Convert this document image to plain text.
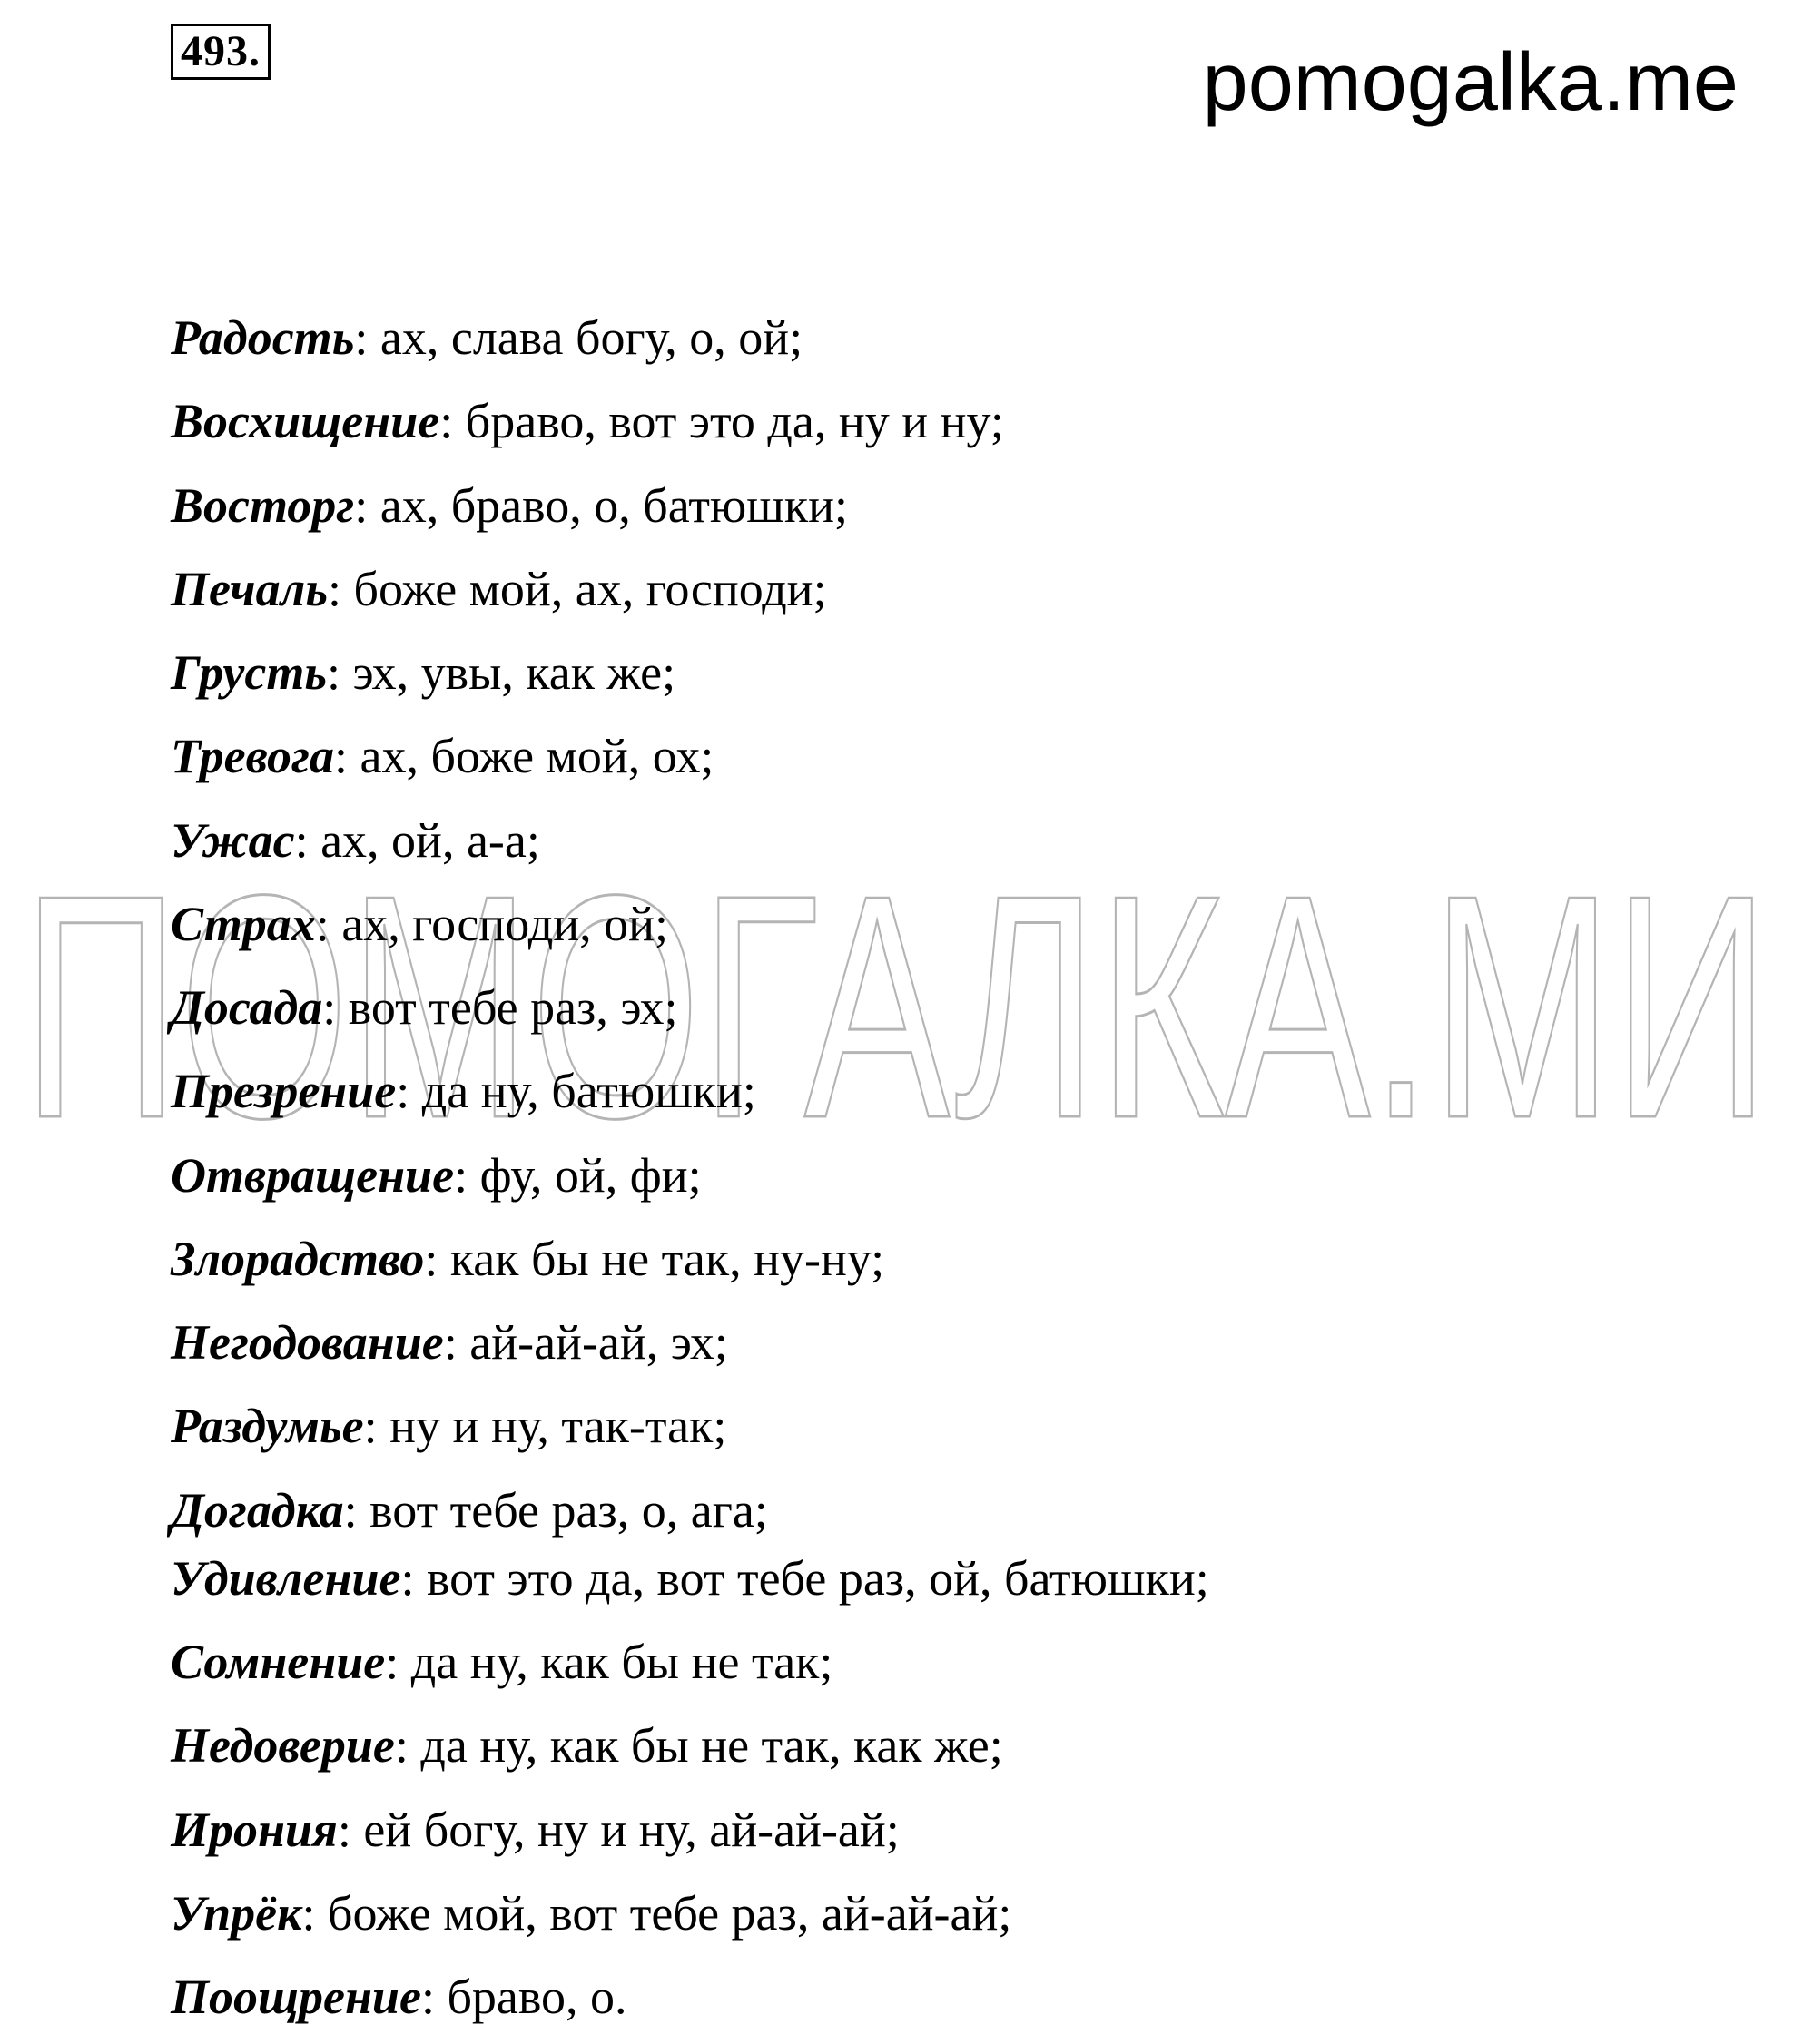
493.	pomogalka.me
ПОМОГАЛКА.МИ
Радость: ах, слава богу, о, ой;
Восхищение: браво, вот это да, ну и ну;
Восторг: ах, браво, о, батюшки;
Печаль: боже мой, ах, господи;
Грусть: эх, увы, как же;
Тревога: ах, боже мой, ох;
Ужас: ах, ой, а-а;
Страх: ах, господи, ой;
Досада: вот тебе раз, эх;
Презрение: да ну, батюшки;
Отвращение: фу, ой, фи;
Злорадство: как бы не так, ну-ну;
Негодование: ай-ай-ай, эх;
Раздумье: ну и ну, так-так;
Догадка: вот тебе раз, о, ага;
Удивление: вот это да, вот тебе раз, ой, батюшки;
Сомнение: да ну, как бы не так;
Недоверие: да ну, как бы не так, как же;
Ирония: ей богу, ну и ну, ай-ай-ай;
Упрёк: боже мой, вот тебе раз, ай-ай-ай;
Поощрение: браво, о.
